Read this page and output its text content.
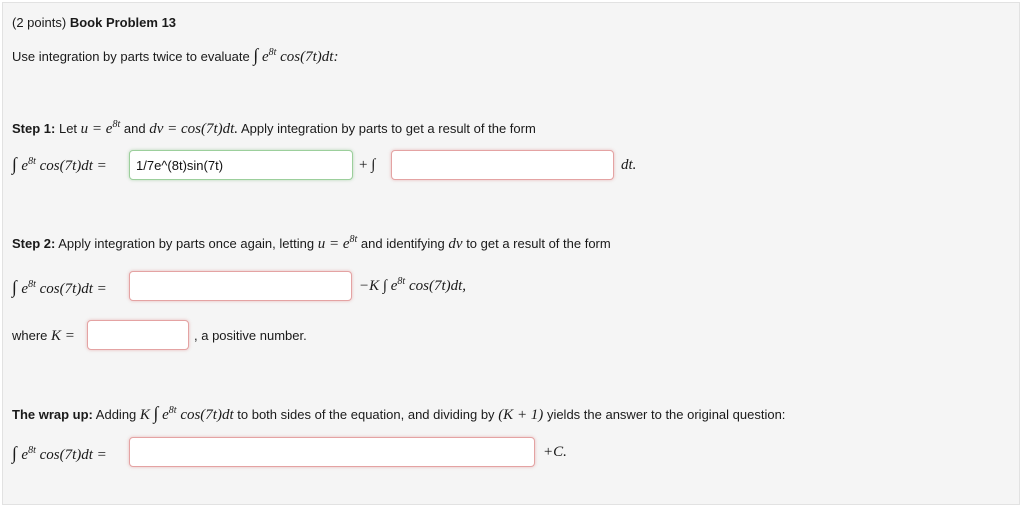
(2 points) Book Problem 13
Use integration by parts twice to evaluate ∫ $e^{8t}$ cos(7t)dt:
Step 1: Let $u = e^{8t}$ and dv = cos(7t)dt. Apply integration by parts to get a result of the form
∫ $e^{8t}$ cos(7t)dt =
1/7e^(8t)sin(7t)	+ ∫	dt.
Step 2: Apply integration by parts once again, letting $u = e^{8t}$ and identifying dv to get a result of the form
∫ $e^{8t}$ cos(7t)dt =	−K ∫ $e^{8t}$ cos(7t)dt,
where K =	, a positive number.
The wrap up: Adding K ∫ $e^{8t}$ cos(7t)dt to both sides of the equation, and dividing by (K + 1) yields the answer to the original question:
∫ $e^{8t}$ cos(7t)dt =	+C.
